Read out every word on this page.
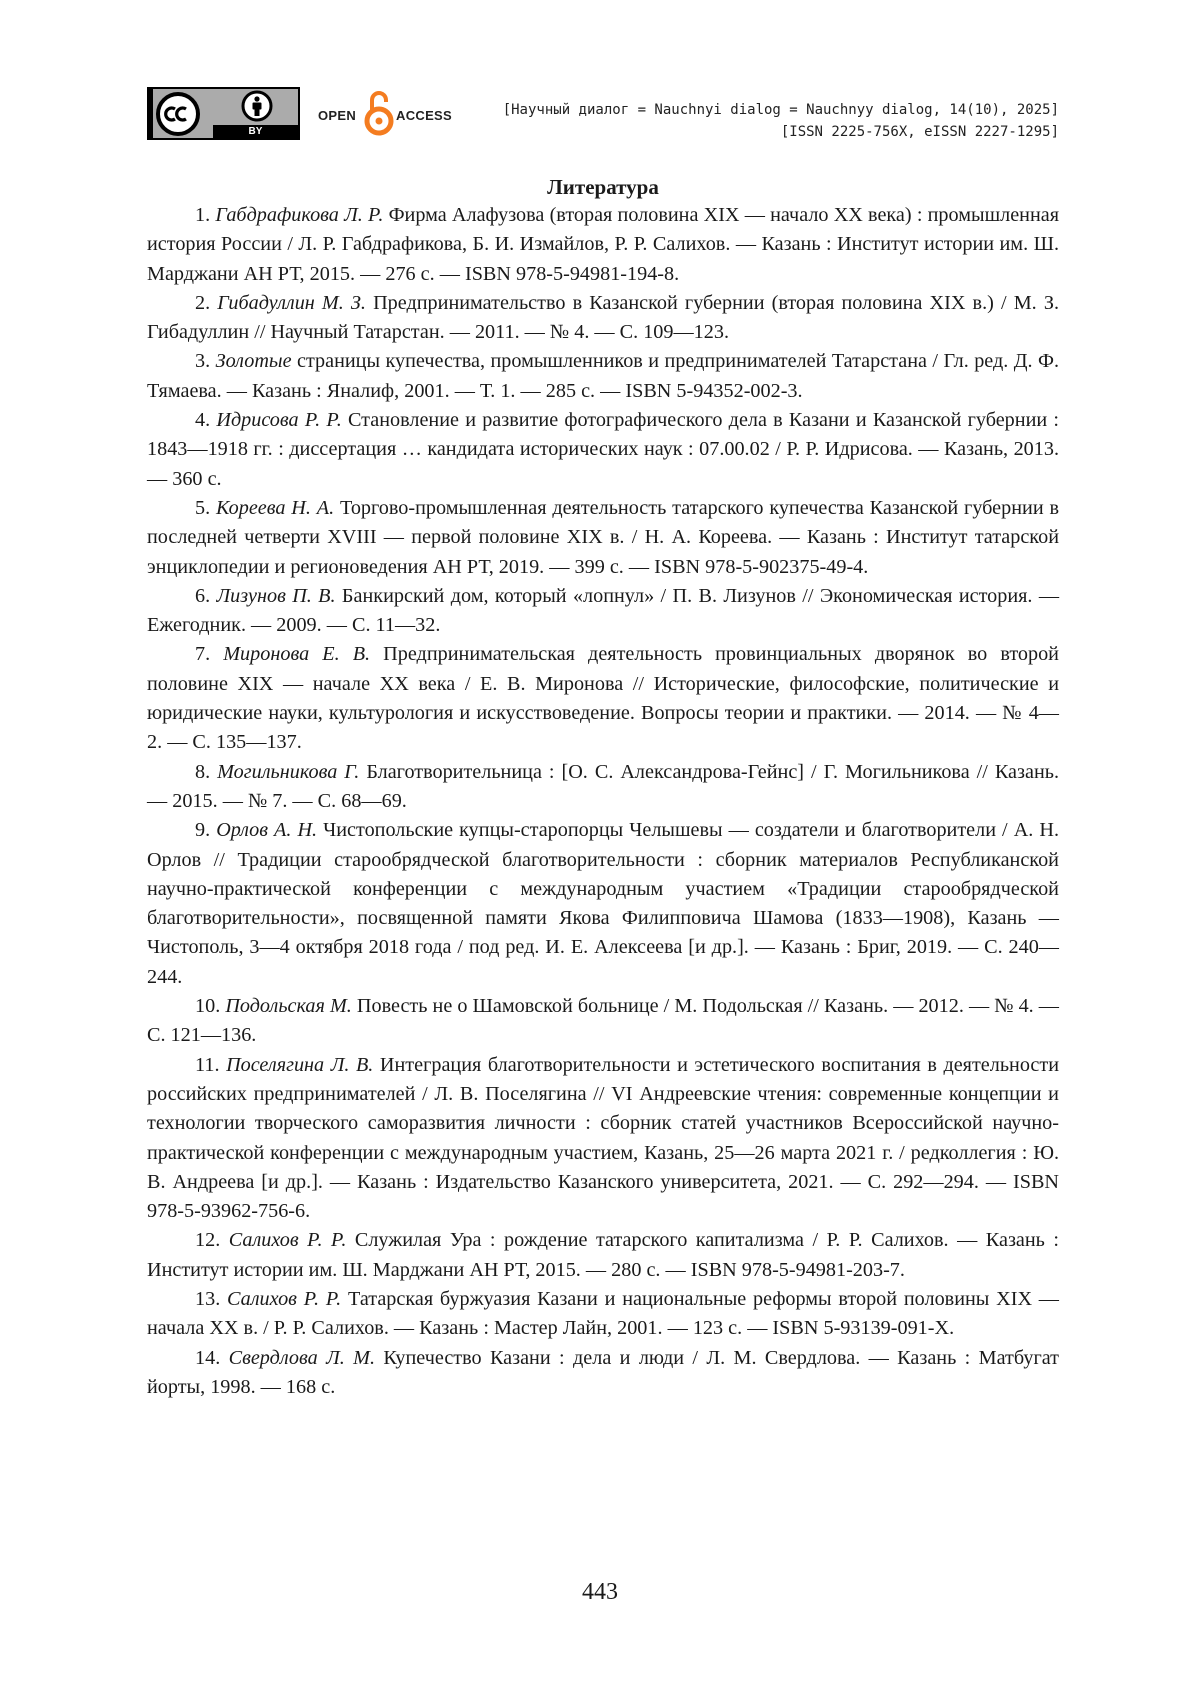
BY
OPEN	ACCESS	[Научный диалог = Nauchnyi dialog = Nauchnyy dialog, 14(10), 2025]
[ISSN 2225-756X, eISSN 2227-1295]
Литература

1. Габдрафикова Л. Р. Фирма Алафузова (вторая половина XIX — начало XX века) : промышленная история России / Л. Р. Габдрафикова, Б. И. Измайлов, Р. Р. Салихов. — Казань : Институт истории им. Ш. Марджани АН РТ, 2015. — 276 с. — ISBN 978-5-94981-194-8.

2. Гибадуллин М. З. Предпринимательство в Казанской губернии (вторая половина XIX в.) / М. З. Гибадуллин // Научный Татарстан. — 2011. — № 4. — С. 109—123.

3. Золотые страницы купечества, промышленников и предпринимателей Татарстана / Гл. ред. Д. Ф. Тямаева. — Казань : Яналиф, 2001. — Т. 1. — 285 с. — ISBN 5-94352-002-3.

4. Идрисова Р. Р. Становление и развитие фотографического дела в Казани и Казанской губернии : 1843—1918 гг. : диссертация … кандидата исторических наук : 07.00.02 / Р. Р. Идрисова. — Казань, 2013. — 360 с.

5. Кореева Н. А. Торгово-промышленная деятельность татарского купечества Казанской губернии в последней четверти XVIII — первой половине XIX в. / Н. А. Кореева. — Казань : Институт татарской энциклопедии и регионоведения АН РТ, 2019. — 399 с. — ISBN 978-5-902375-49-4.

6. Лизунов П. В. Банкирский дом, который «лопнул» / П. В. Лизунов // Экономическая история. — Ежегодник. — 2009. — С. 11—32.

7. Миронова Е. В. Предпринимательская деятельность провинциальных дворянок во второй половине XIX — начале XX века / Е. В. Миронова // Исторические, философские, политические и юридические науки, культурология и искусствоведение. Вопросы теории и практики. — 2014. — № 4—2. — С. 135—137.

8. Могильникова Г. Благотворительница : [О. С. Александрова-Гейнс] / Г. Могильникова // Казань. — 2015. — № 7. — С. 68—69.

9. Орлов А. Н. Чистопольские купцы-старопорцы Челышевы — создатели и благотворители / А. Н. Орлов // Традиции старообрядческой благотворительности : сборник материалов Республиканской научно-практической конференции с международным участием «Традиции старообрядческой благотворительности», посвященной памяти Якова Филипповича Шамова (1833—1908), Казань — Чистополь, 3—4 октября 2018 года / под ред. И. Е. Алексеева [и др.]. — Казань : Бриг, 2019. — С. 240—244.

10. Подольская М. Повесть не о Шамовской больнице / М. Подольская // Казань. — 2012. — № 4. — С. 121—136.

11. Поселягина Л. В. Интеграция благотворительности и эстетического воспитания в деятельности российских предпринимателей / Л. В. Поселягина // VI Андреевские чтения: современные концепции и технологии творческого саморазвития личности : сборник статей участников Всероссийской научно-практической конференции с международным участием, Казань, 25—26 марта 2021 г. / редколлегия : Ю. В. Андреева [и др.]. — Казань : Издательство Казанского университета, 2021. — С. 292—294. — ISBN 978-5-93962-756-6.

12. Салихов Р. Р. Служилая Ура : рождение татарского капитализма / Р. Р. Салихов. — Казань : Институт истории им. Ш. Марджани АН РТ, 2015. — 280 с. — ISBN 978-5-94981-203-7.

13. Салихов Р. Р. Татарская буржуазия Казани и национальные реформы второй половины XIX — начала XX в. / Р. Р. Салихов. — Казань : Мастер Лайн, 2001. — 123 с. — ISBN 5-93139-091-X.

14. Свердлова Л. М. Купечество Казани : дела и люди / Л. М. Свердлова. — Казань : Матбугат йорты, 1998. — 168 с.

443
